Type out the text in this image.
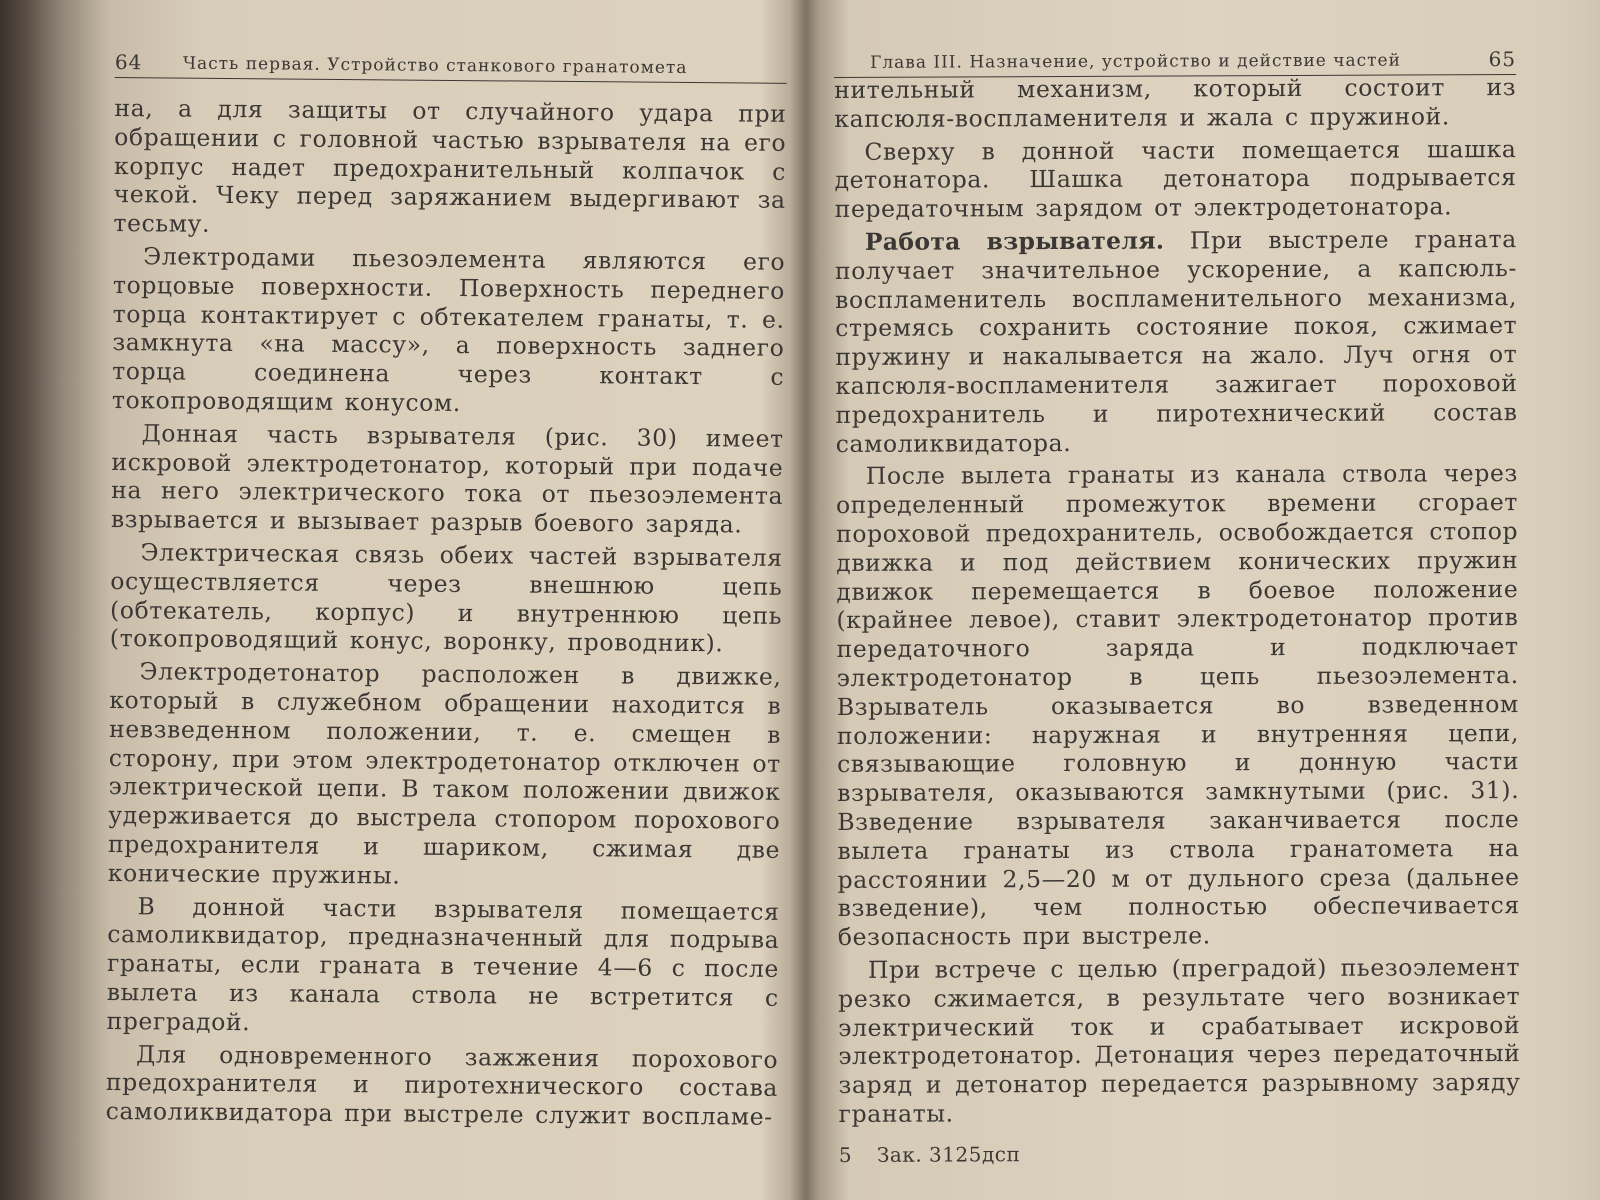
64 Часть первая. Устройство станкового гранатомета

на, а для защиты от случайного удара при обращении с головной частью взрывателя на его корпус надет предохранительный колпачок с чекой. Чеку перед заряжанием выдергивают за тесьму.

Электродами пьезоэлемента являются его торцовые поверхности. Поверхность переднего торца контактирует с обтекателем гранаты, т. е. замкнута «на массу», а поверхность заднего торца соединена через контакт с токопроводящим конусом.

Донная часть взрывателя (рис. 30) имеет искровой электродетонатор, который при подаче на него электрического тока от пьезоэлемента взрывается и вызывает разрыв боевого заряда.

Электрическая связь обеих частей взрывателя осуществляется через внешнюю цепь (обтекатель, корпус) и внутреннюю цепь (токопроводящий конус, воронку, проводник).

Электродетонатор расположен в движке, который в служебном обращении находится в невзведенном положении, т. е. смещен в сторону, при этом электродетонатор отключен от электрической цепи. В таком положении движок удерживается до выстрела стопором порохового предохранителя и шариком, сжимая две конические пружины.

В донной части взрывателя помещается самоликвидатор, предназначенный для подрыва гранаты, если граната в течение 4—6 с после вылета из канала ствола не встретится с преградой.

Для одновременного зажжения порохового предохранителя и пиротехнического состава самоликвидатора при выстреле служит воспламе-

Глава III. Назначение, устройство и действие частей	65

нительный механизм, который состоит из капсюля-воспламенителя и жала с пружиной.

Сверху в донной части помещается шашка детонатора. Шашка детонатора подрывается передаточным зарядом от электродетонатора.

Работа взрывателя. При выстреле граната получает значительное ускорение, а капсюль-воспламенитель воспламенительного механизма, стремясь сохранить состояние покоя, сжимает пружину и накалывается на жало. Луч огня от капсюля-воспламенителя зажигает пороховой предохранитель и пиротехнический состав самоликвидатора.

После вылета гранаты из канала ствола через определенный промежуток времени сгорает пороховой предохранитель, освобождается стопор движка и под действием конических пружин движок перемещается в боевое положение (крайнее левое), ставит электродетонатор против передаточного заряда и подключает электродетонатор в цепь пьезоэлемента. Взрыватель оказывается во взведенном положении: наружная и внутренняя цепи, связывающие головную и донную части взрывателя, оказываются замкнутыми (рис. 31). Взведение взрывателя заканчивается после вылета гранаты из ствола гранатомета на расстоянии 2,5—20 м от дульного среза (дальнее взведение), чем полностью обеспечивается безопасность при выстреле.

При встрече с целью (преградой) пьезоэлемент резко сжимается, в результате чего возникает электрический ток и срабатывает искровой электродетонатор. Детонация через передаточный заряд и детонатор передается разрывному заряду гранаты.

5 Зак. 3125дсп
